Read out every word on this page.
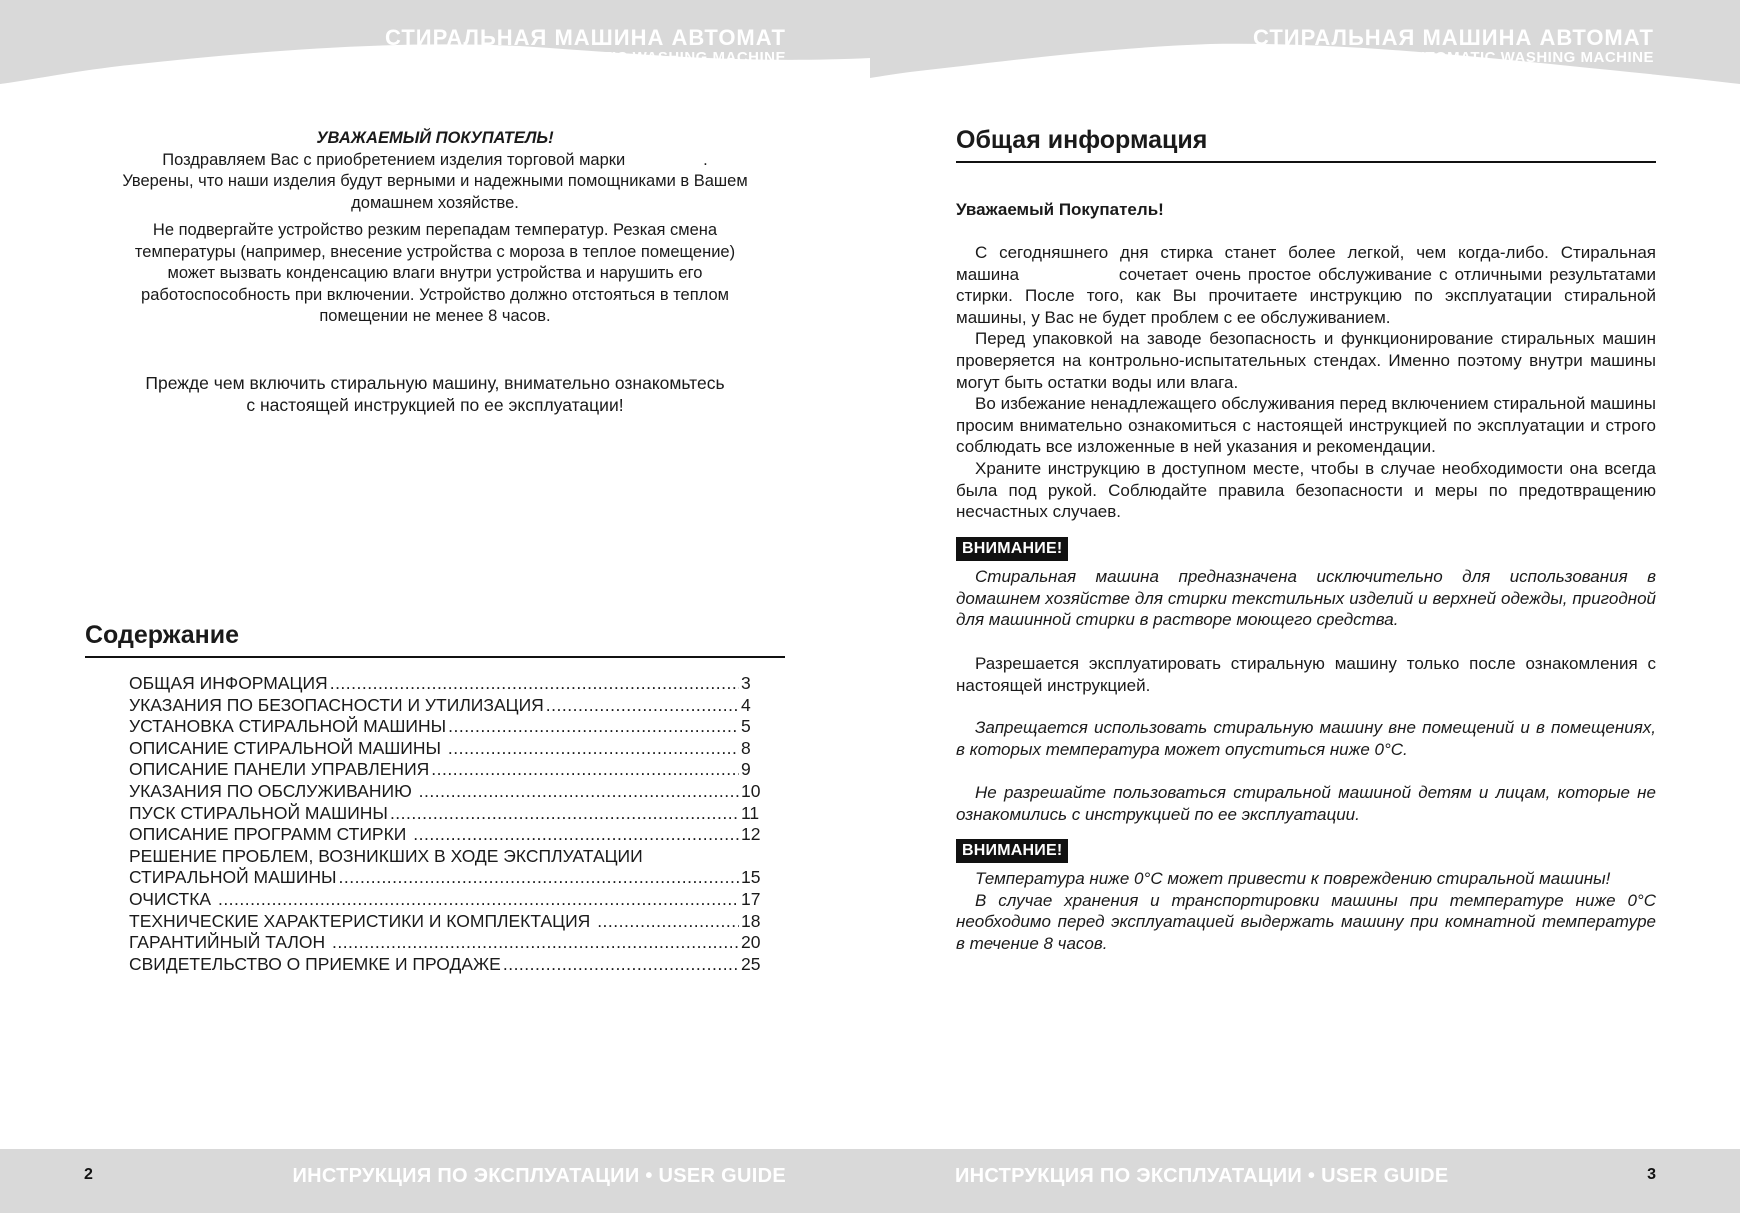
СТИРАЛЬНАЯ МАШИНА АВТОМАТ
AUTOMATIC WASHING MACHINE

УВАЖАЕМЫЙ ПОКУПАТЕЛЬ!

Поздравляем Вас с приобретением изделия торговой марки                 .

Уверены, что наши изделия будут верными и надежными помощниками в Вашем домашнем хозяйстве.

Не подвергайте устройство резким перепадам температур. Резкая смена температуры (например, внесение устройства с мороза в теплое помещение) может вызвать конденсацию влаги внутри устройства и нарушить его работоспособность при включении. Устройство должно отстояться в теплом помещении не менее 8 часов.

Прежде чем включить стиральную машину, внимательно ознакомьтесь

с настоящей инструкцией по ее эксплуатации!

Содержание
ОБЩАЯ ИНФОРМАЦИЯ .....	3
УКАЗАНИЯ ПО БЕЗОПАСНОСТИ И УТИЛИЗАЦИЯ .....	4
УСТАНОВКА СТИРАЛЬНОЙ МАШИНЫ .....	5
ОПИСАНИЕ СТИРАЛЬНОЙ МАШИНЫ .....	8
ОПИСАНИЕ ПАНЕЛИ УПРАВЛЕНИЯ .....	9
УКАЗАНИЯ ПО ОБСЛУЖИВАНИЮ .....	10
ПУСК СТИРАЛЬНОЙ МАШИНЫ .....	11
ОПИСАНИЕ ПРОГРАММ СТИРКИ .....	12
РЕШЕНИЕ ПРОБЛЕМ, ВОЗНИКШИХ В ХОДЕ ЭКСПЛУАТАЦИИ
СТИРАЛЬНОЙ МАШИНЫ .....	15
ОЧИСТКА .....	17
ТЕХНИЧЕСКИЕ ХАРАКТЕРИСТИКИ И КОМПЛЕКТАЦИЯ .....	18
ГАРАНТИЙНЫЙ ТАЛОН .....	20
СВИДЕТЕЛЬСТВО О ПРИЕМКЕ И ПРОДАЖЕ .....	25
2	ИНСТРУКЦИЯ ПО ЭКСПЛУАТАЦИИ • USER GUIDE
СТИРАЛЬНАЯ МАШИНА АВТОМАТ
AUTOMATIC WASHING MACHINE
Общая информация
Уважаемый Покупатель!

С сегодняшнего дня стирка станет более легкой, чем когда-либо. Стиральная машина              сочетает очень простое обслуживание с отличными результатами стирки. После того, как Вы прочитаете инструкцию по эксплуатации стиральной машины, у Вас не будет проблем с ее обслуживанием.

Перед упаковкой на заводе безопасность и функционирование стиральных машин проверяется на контрольно-испытательных стендах. Именно поэтому внутри машины могут быть остатки воды или влага.

Во избежание ненадлежащего обслуживания перед включением стиральной машины просим внимательно ознакомиться с настоящей инструкцией по эксплуатации и строго соблюдать все изложенные в ней указания и рекомендации.

Храните инструкцию в доступном месте, чтобы в случае необходимости она всегда была под рукой. Соблюдайте правила безопасности и меры по предотвращению несчастных случаев.

ВНИМАНИЕ!
Стиральная машина предназначена исключительно для использования в домашнем хозяйстве для стирки текстильных изделий и верхней одежды, пригодной для машинной стирки в растворе моющего средства.
Разрешается эксплуатировать стиральную машину только после ознакомления с настоящей инструкцией.
Запрещается использовать стиральную машину вне помещений и в помещениях, в которых температура может опуститься ниже 0°С.
Не разрешайте пользоваться стиральной машиной детям и лицам, которые не ознакомились с инструкцией по ее эксплуатации.
ВНИМАНИЕ!

Температура ниже 0°С может привести к повреждению стиральной машины!

В случае хранения и транспортировки машины при температуре ниже 0°С необходимо перед эксплуатацией выдержать машину при комнатной температуре в течение 8 часов.

ИНСТРУКЦИЯ ПО ЭКСПЛУАТАЦИИ • USER GUIDE	3
